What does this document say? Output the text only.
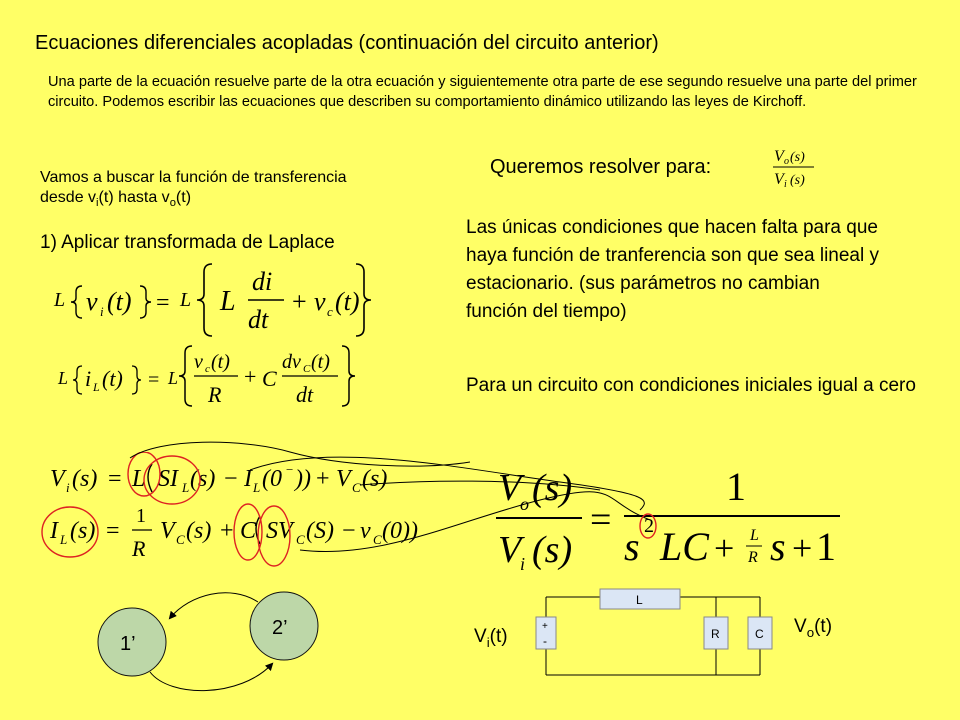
Ecuaciones diferenciales acopladas (continuación del circuito anterior)
Una parte de la ecuación resuelve parte de la otra ecuación y siguientemente otra parte de ese segundo resuelve una parte del primer circuito. Podemos escribir las ecuaciones que describen su comportamiento dinámico utilizando las leyes de Kirchoff.
Vamos a buscar la función de transferencia
desde $v_i(t)$ hasta $v_o(t)$
1) Aplicar transformada de Laplace
Queremos resolver para:	V o (s)
V i (s)
Las únicas condiciones que hacen falta para que haya función de tranferencia son que sea lineal y estacionario. (sus parámetros no cambian función del tiempo)
Para un circuito con condiciones iniciales igual a cero
L v i (t) = L L
di
dt
+ v c (t)
L i L (t) = L
v c (t)
R
+ C
dv C (t)
dt
V i (s) = L SI L (s) − I L (0 − )) + V C (s)
I L (s) =
1
R
V C (s) + C SV C (S) − v C (0))
V
o (s)
V
i (s)
=
1
s 2 LC + L
R s + 1
1’
2’
L
R	C
+
-
$V_i(t)$	$V_o(t)$
